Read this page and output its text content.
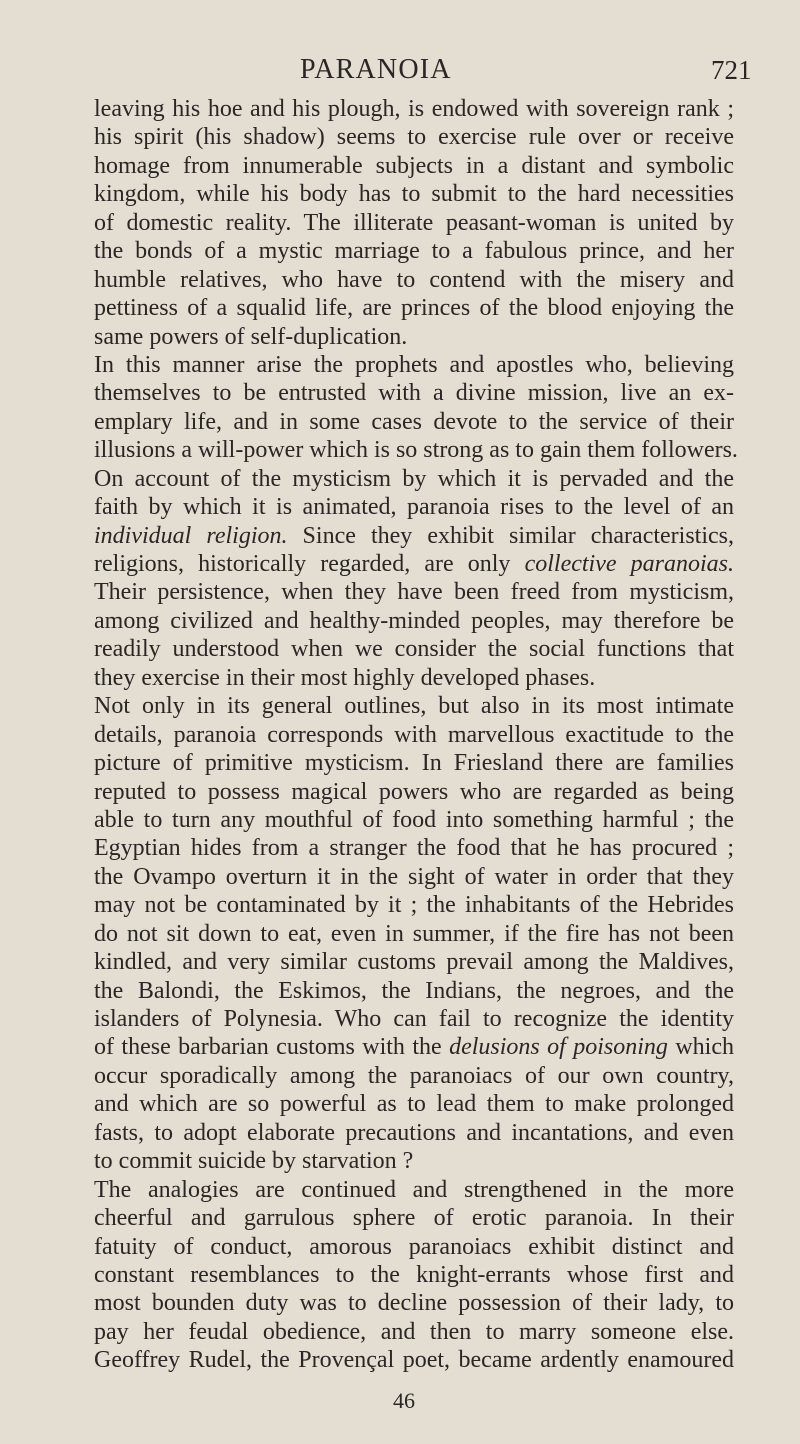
PARANOIA	721
leaving his hoe and his plough, is endowed with sovereign rank ;
his spirit (his shadow) seems to exercise rule over or receive
homage from innumerable subjects in a distant and symbolic
kingdom, while his body has to submit to the hard necessities
of domestic reality. The illiterate peasant-woman is united by
the bonds of a mystic marriage to a fabulous prince, and her
humble relatives, who have to contend with the misery and
pettiness of a squalid life, are princes of the blood enjoying the
same powers of self-duplication.
In this manner arise the prophets and apostles who, believing
themselves to be entrusted with a divine mission, live an ex-
emplary life, and in some cases devote to the service of their
illusions a will-power which is so strong as to gain them followers.
On account of the mysticism by which it is pervaded and the
faith by which it is animated, paranoia rises to the level of an
individual religion. Since they exhibit similar characteristics,
religions, historically regarded, are only collective paranoias.
Their persistence, when they have been freed from mysticism,
among civilized and healthy-minded peoples, may therefore be
readily understood when we consider the social functions that
they exercise in their most highly developed phases.
Not only in its general outlines, but also in its most intimate
details, paranoia corresponds with marvellous exactitude to the
picture of primitive mysticism. In Friesland there are families
reputed to possess magical powers who are regarded as being
able to turn any mouthful of food into something harmful ; the
Egyptian hides from a stranger the food that he has procured ;
the Ovampo overturn it in the sight of water in order that they
may not be contaminated by it ; the inhabitants of the Hebrides
do not sit down to eat, even in summer, if the fire has not been
kindled, and very similar customs prevail among the Maldives,
the Balondi, the Eskimos, the Indians, the negroes, and the
islanders of Polynesia. Who can fail to recognize the identity
of these barbarian customs with the delusions of poisoning which
occur sporadically among the paranoiacs of our own country,
and which are so powerful as to lead them to make prolonged
fasts, to adopt elaborate precautions and incantations, and even
to commit suicide by starvation ?
The analogies are continued and strengthened in the more
cheerful and garrulous sphere of erotic paranoia. In their
fatuity of conduct, amorous paranoiacs exhibit distinct and
constant resemblances to the knight-errants whose first and
most bounden duty was to decline possession of their lady, to
pay her feudal obedience, and then to marry someone else.
Geoffrey Rudel, the Provençal poet, became ardently enamoured
46
